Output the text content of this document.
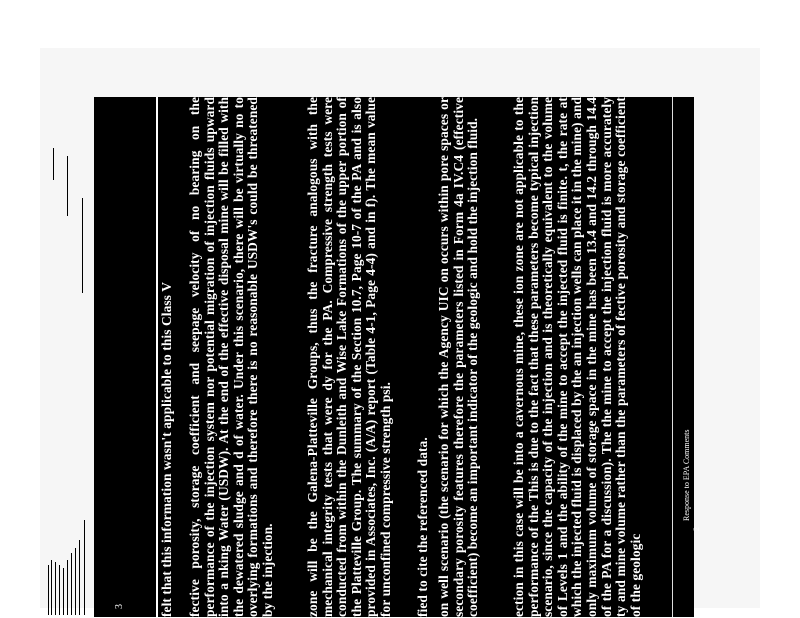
3	felt that this information wasn't applicable to this Class V fective porosity, storage coefficient and seepage velocity of no bearing on the performance of the injection system nor potential migration of injection fluids upward into a nking Water (USDW). At the end of the effective disposal mine will be filled with the dewatered sludge and d of water. Under this scenario, there will be virtually no to overlying formations and therefore there is no reasonable USDW's could be threatened by the injection. zone will be the Galena-Platteville Groups, thus the fracture analogous with the mechanical integrity tests that were dy for the PA. Compressive strength tests were conducted from within the Dunleith and Wise Lake Formations of the upper portion of the Platteville Group. The summary of the Section 10.7, Page 10-7 of the PA and is also provided in Associates, Inc. (A/A) report (Table 4-1, Page 4-4) and in f). The mean value for unconfined compressive strength psi. fied to cite the referenced data. on well scenario (the scenario for which the Agency UIC on occurs within pore spaces or secondary porosity features therefore the parameters listed in Form 4a IV.C4 (effective coefficient) become an important indicator of the geologic and hold the injection fluid. ection in this case will be into a cavernous mine, these ion zone are not applicable to the performance of the This is due to the fact that these parameters become typical injection scenario, since the capacity of the injection and is theoretically equivalent to the volume of Levels 1 and the ability of the mine to accept the injected fluid is finite. t, the rate at which the injected fluid is displaced by the an injection wells can place it in the mine) and only maximum volume of storage space in the mine has been 13.4 and 14.2 through 14.4 of the PA for a discussion). The the mine to accept the injection fluid is more accurately ty and mine volume rather than the parameters of fective porosity and storage coefficient of the geologic
Response to EPA Comments
2
